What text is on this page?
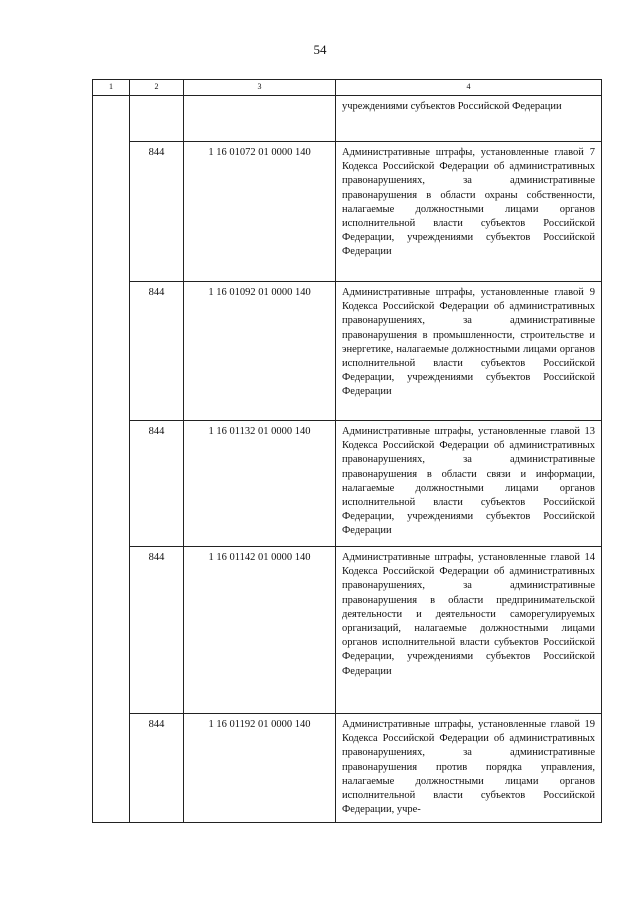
54
1	2	3	4
			учреждениями субъектов Российской Федерации
	844	1 16 01072 01 0000 140	Административные штрафы, установленные главой 7 Кодекса Российской Федерации об административных правонарушениях, за административные правонарушения в области охраны собственности, налагаемые должностными лицами органов исполнительной власти субъектов Российской Федерации, учреждениями субъектов Российской Федерации
	844	1 16 01092 01 0000 140	Административные штрафы, установленные главой 9 Кодекса Российской Федерации об административных правонарушениях, за административные правонарушения в промышленности, строительстве и энергетике, налагаемые должностными лицами органов исполнительной власти субъектов Российской Федерации, учреждениями субъектов Российской Федерации
	844	1 16 01132 01 0000 140	Административные штрафы, установленные главой 13 Кодекса Российской Федерации об административных правонарушениях, за административные правонарушения в области связи и информации, налагаемые должностными лицами органов исполнительной власти субъектов Российской Федерации, учреждениями субъектов Российской Федерации
	844	1 16 01142 01 0000 140	Административные штрафы, установленные главой 14 Кодекса Российской Федерации об административных правонарушениях, за административные правонарушения в области предпринимательской деятельности и деятельности саморегулируемых организаций, налагаемые должностными лицами органов исполнительной власти субъектов Российской Федерации, учреждениями субъектов Российской Федерации
	844	1 16 01192 01 0000 140	Административные штрафы, установленные главой 19 Кодекса Российской Федерации об административных правонарушениях, за административные правонарушения против порядка управления, налагаемые должностными лицами органов исполнительной власти субъектов Российской Федерации, учре-
